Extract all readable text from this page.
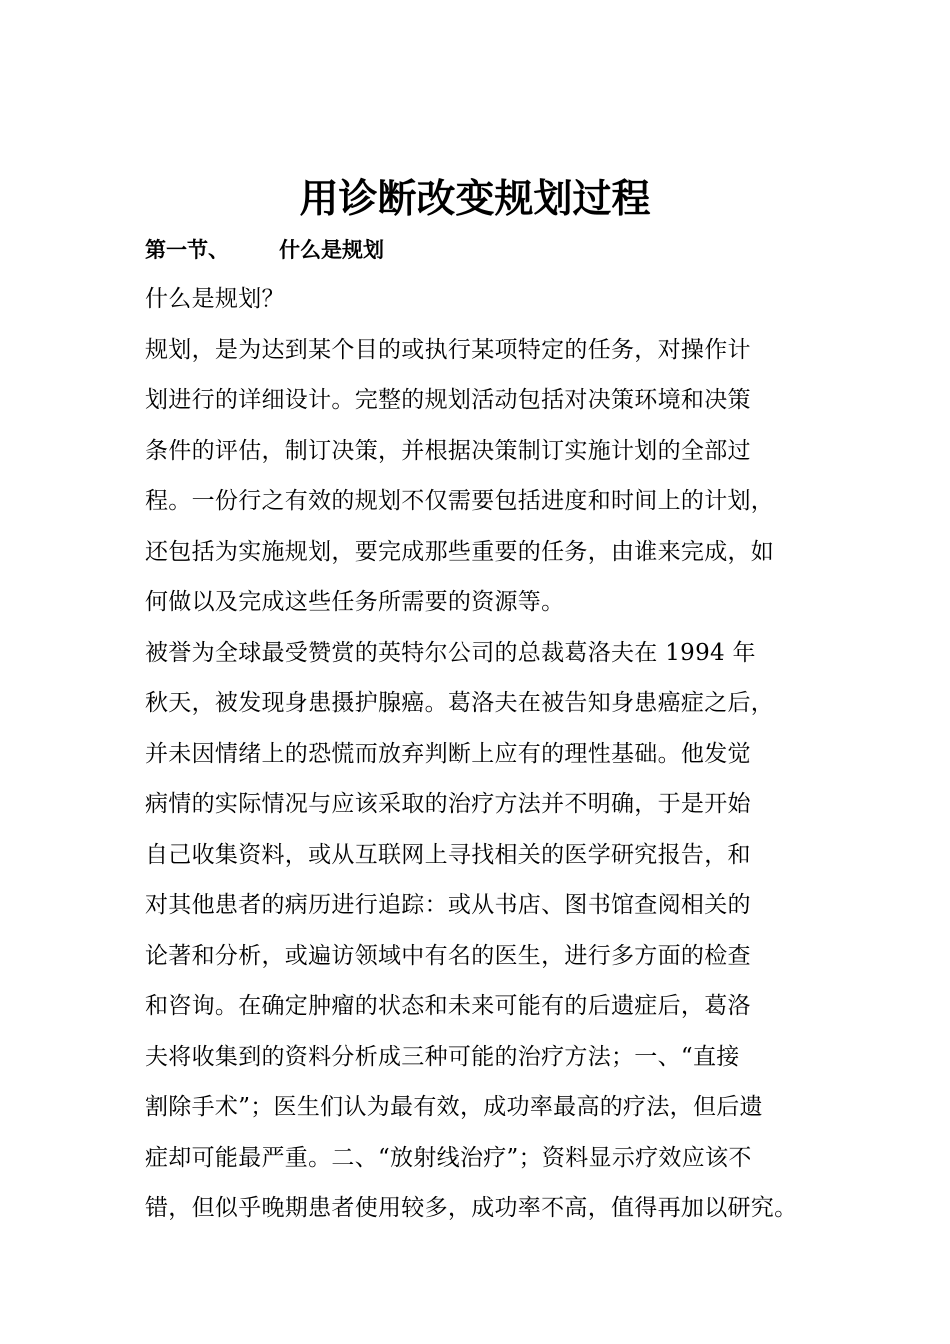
用诊断改变规划过程
第一节、 什么是规划

什么是规划？

规划，是为达到某个目的或执行某项特定的任务，对操作计
划进行的详细设计。完整的规划活动包括对决策环境和决策
条件的评估，制订决策，并根据决策制订实施计划的全部过
程。一份行之有效的规划不仅需要包括进度和时间上的计划，
还包括为实施规划，要完成那些重要的任务，由谁来完成，如
何做以及完成这些任务所需要的资源等。

被誉为全球最受赞赏的英特尔公司的总裁葛洛夫在 1994 年
秋天，被发现身患摄护腺癌。葛洛夫在被告知身患癌症之后，
并未因情绪上的恐慌而放弃判断上应有的理性基础。他发觉
病情的实际情况与应该采取的治疗方法并不明确，于是开始
自己收集资料，或从互联网上寻找相关的医学研究报告，和
对其他患者的病历进行追踪：或从书店、图书馆查阅相关的
论著和分析，或遍访领域中有名的医生，进行多方面的检查
和咨询。在确定肿瘤的状态和未来可能有的后遗症后，葛洛
夫将收集到的资料分析成三种可能的治疗方法；一、“直接
割除手术”；医生们认为最有效，成功率最高的疗法，但后遗
症却可能最严重。二、“放射线治疗”；资料显示疗效应该不
错，但似乎晚期患者使用较多，成功率不高，值得再加以研究。
